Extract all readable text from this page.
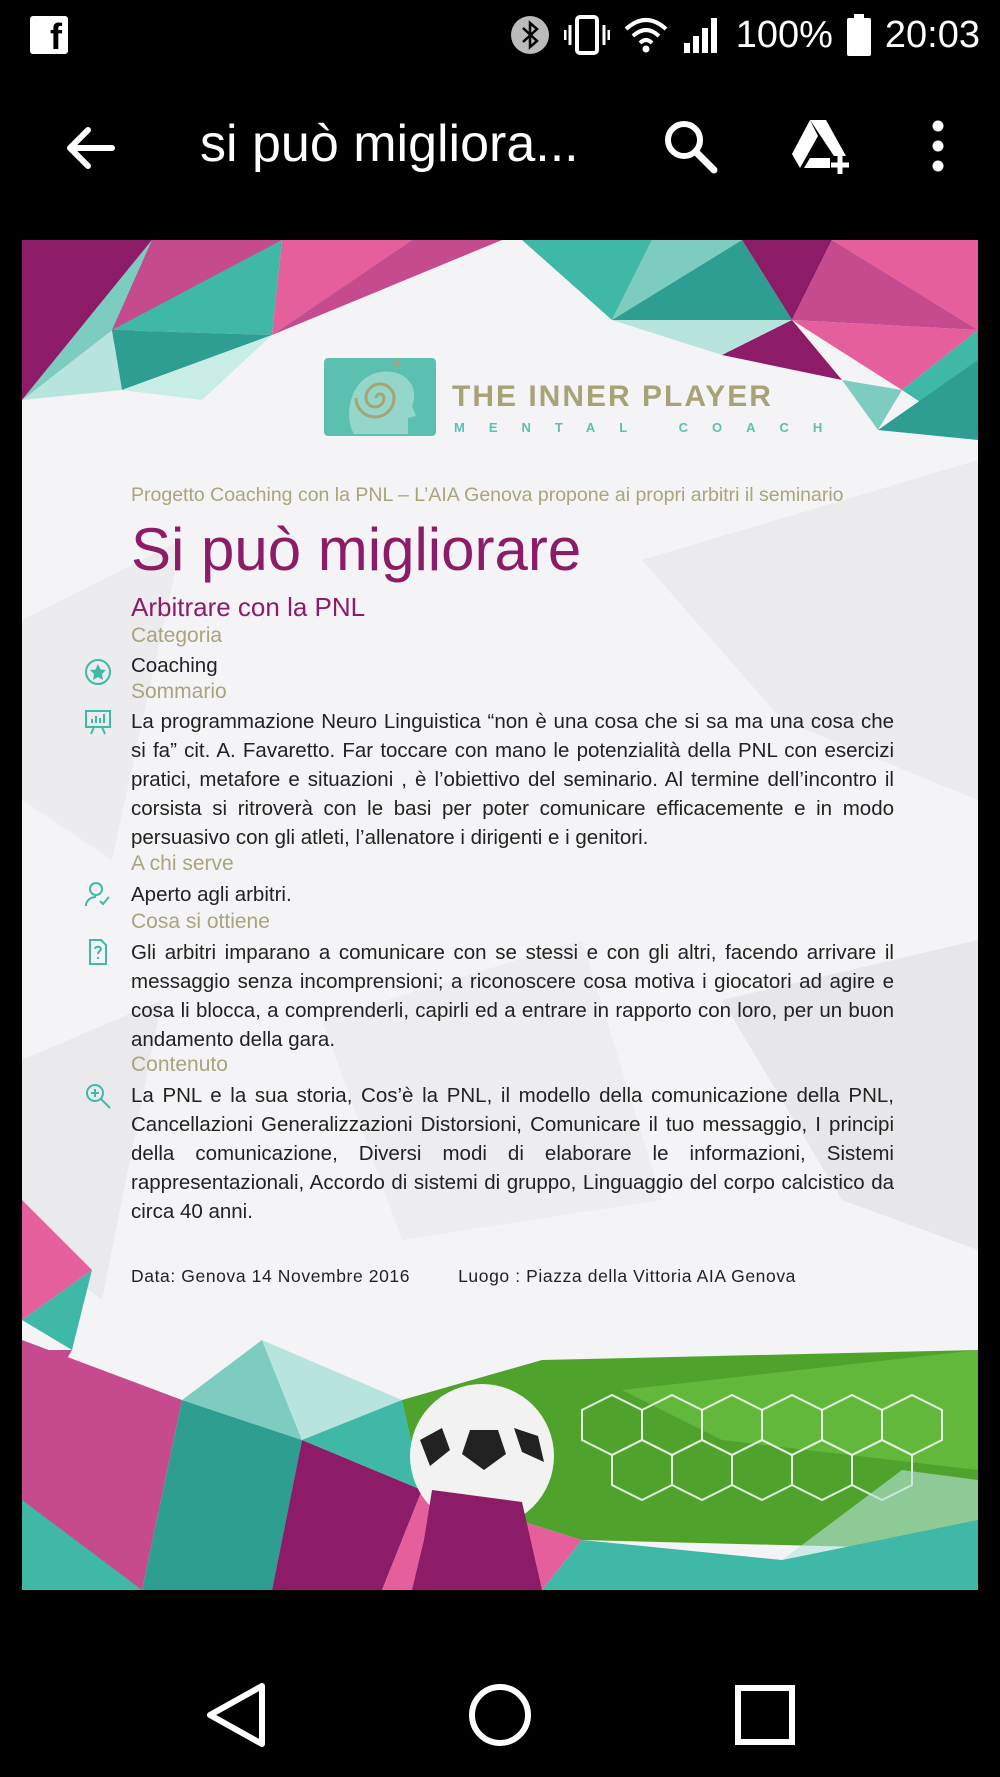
f	100% 20:03
si può migliora...
THE INNER PLAYER
MENTAL COACH
Progetto Coaching con la PNL – L’AIA Genova propone ai propri arbitri il seminario
Si può migliorare
Arbitrare con la PNL
Categoria
Coaching
Sommario
La programmazione Neuro Linguistica “non è una cosa che si sa ma una cosa che si fa” cit. A. Favaretto. Far toccare con mano le potenzialità della PNL con esercizi pratici, metafore e situazioni , è l’obiettivo del seminario. Al termine dell’incontro il corsista si ritroverà con le basi per poter comunicare efficacemente e in modo persuasivo con gli atleti, l’allenatore i dirigenti e i genitori.
A chi serve
Aperto agli arbitri.
Cosa si ottiene
Gli arbitri imparano a comunicare con se stessi e con gli altri, facendo arrivare il messaggio senza incomprensioni; a riconoscere cosa motiva i giocatori ad agire e cosa li blocca, a comprenderli, capirli ed a entrare in rapporto con loro, per un buon andamento della gara.
Contenuto
La PNL e la sua storia, Cos’è la PNL, il modello della comunicazione della PNL, Cancellazioni Generalizzazioni Distorsioni, Comunicare il tuo messaggio, I principi della comunicazione, Diversi modi di elaborare le informazioni, Sistemi rappresentazionali, Accordo di sistemi di gruppo, Linguaggio del corpo calcistico da circa 40 anni.
Data: Genova 14 Novembre 2016	Luogo : Piazza della Vittoria AIA Genova
